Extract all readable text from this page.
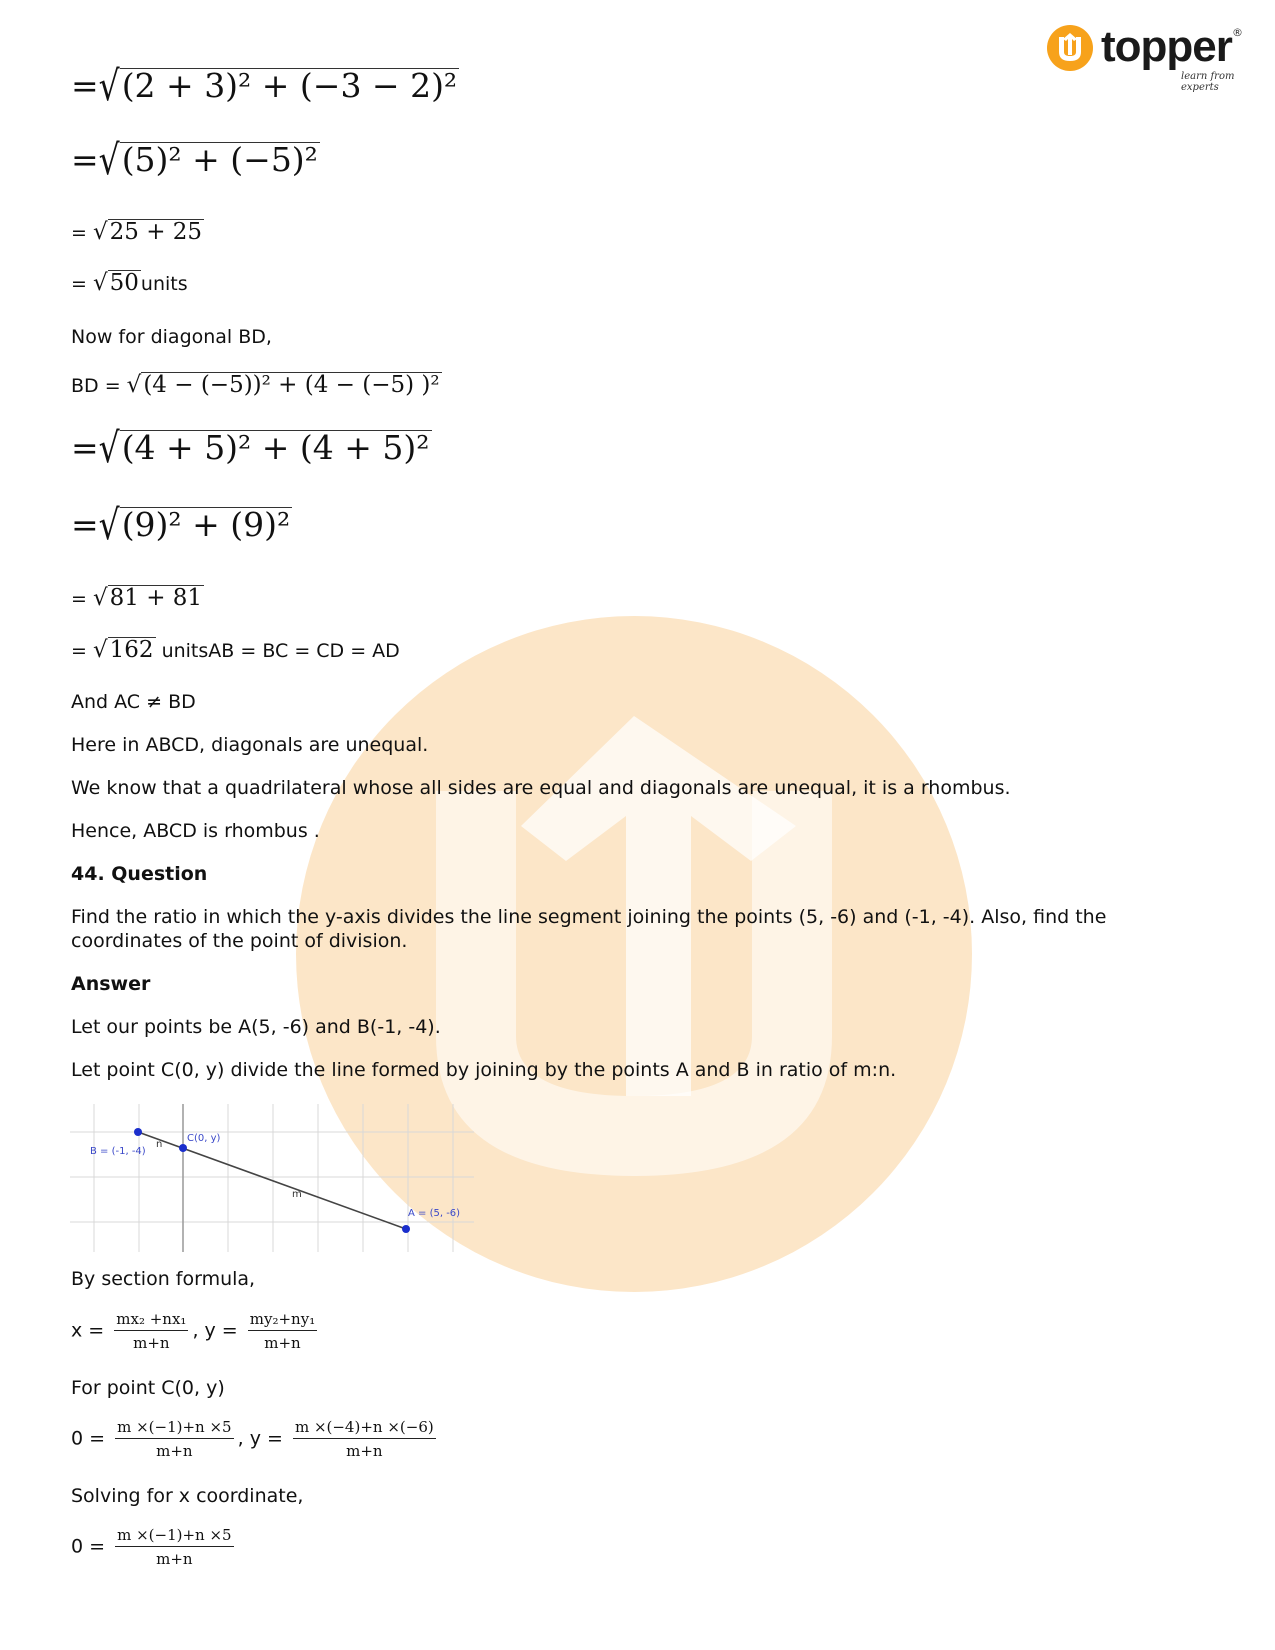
topper
learn from experts
®
=√(2 + 3)² + (−3 − 2)²
=√(5)² + (−5)²
= √25 + 25
= √50 units
Now for diagonal BD,
BD = √(4 − (−5))² + (4 − (−5) )²
=√(4 + 5)² + (4 + 5)²
=√(9)² + (9)²
= √81 + 81
= √162 unitsAB = BC = CD = AD
And AC ≠ BD
Here in ABCD, diagonals are unequal.
We know that a quadrilateral whose all sides are equal and diagonals are unequal, it is a rhombus.
Hence, ABCD is rhombus .
44. Question
Find the ratio in which the y-axis divides the line segment joining the points (5, -6) and (-1, -4). Also, find the coordinates of the point of division.
Answer
Let our points be A(5, -6) and B(-1, -4).
Let point C(0, y) divide the line formed by joining by the points A and B in ratio of m:n.
B = (-1, -4)
n
C(0, y)
m
A = (5, -6)
By section formula,
$x = \frac{\text{mx₂ +nx₁}}{m+n}$ , $y = \frac{\text{my₂+ny₁}}{m+n}$
For point C(0, y)
$0 = \frac{m \times(-1)+n \times 5}{m+n}$ , $y = \frac{m \times(-4)+n \times(-6)}{m+n}$
Solving for x coordinate,
$0 = \frac{m \times(-1)+n \times 5}{m+n}$
